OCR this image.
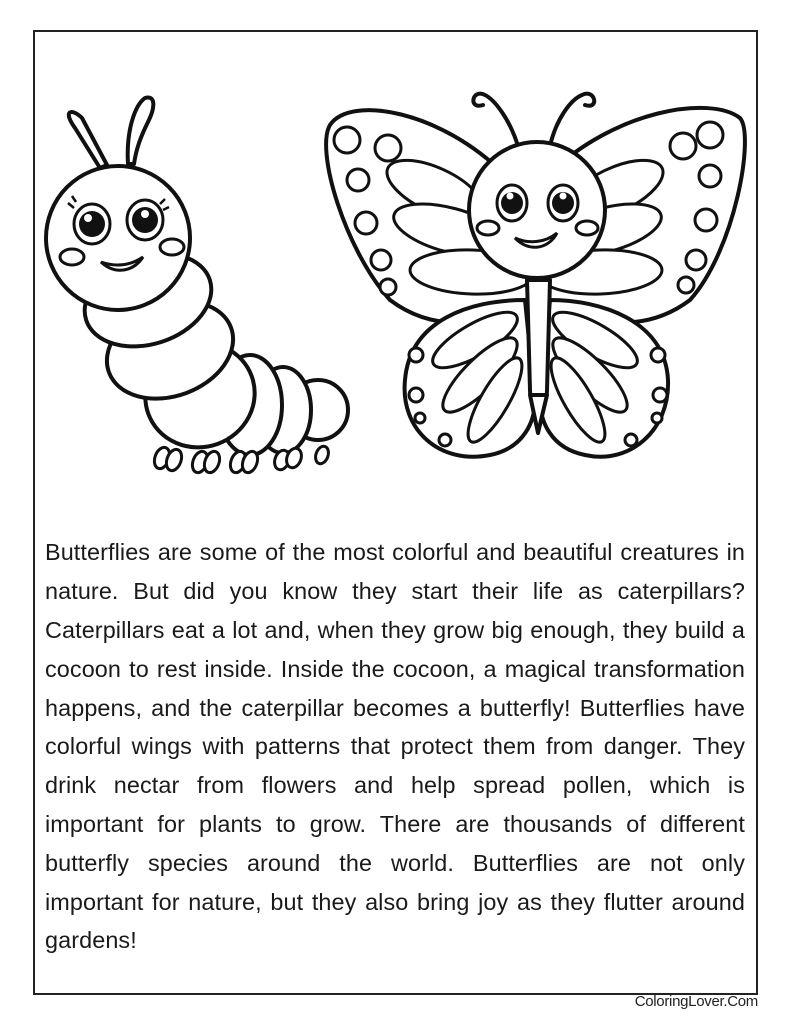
Butterflies are some of the most colorful and beautiful creatures in nature. But did you know they start their life as caterpillars? Caterpillars eat a lot and, when they grow big enough, they build a cocoon to rest inside. Inside the cocoon, a magical transformation happens, and the caterpillar becomes a butterfly! Butterflies have colorful wings with patterns that protect them from danger. They drink nectar from flowers and help spread pollen, which is important for plants to grow. There are thousands of different butterfly species around the world. Butterflies are not only important for nature, but they also bring joy as they flutter around gardens!

ColoringLover.Com
